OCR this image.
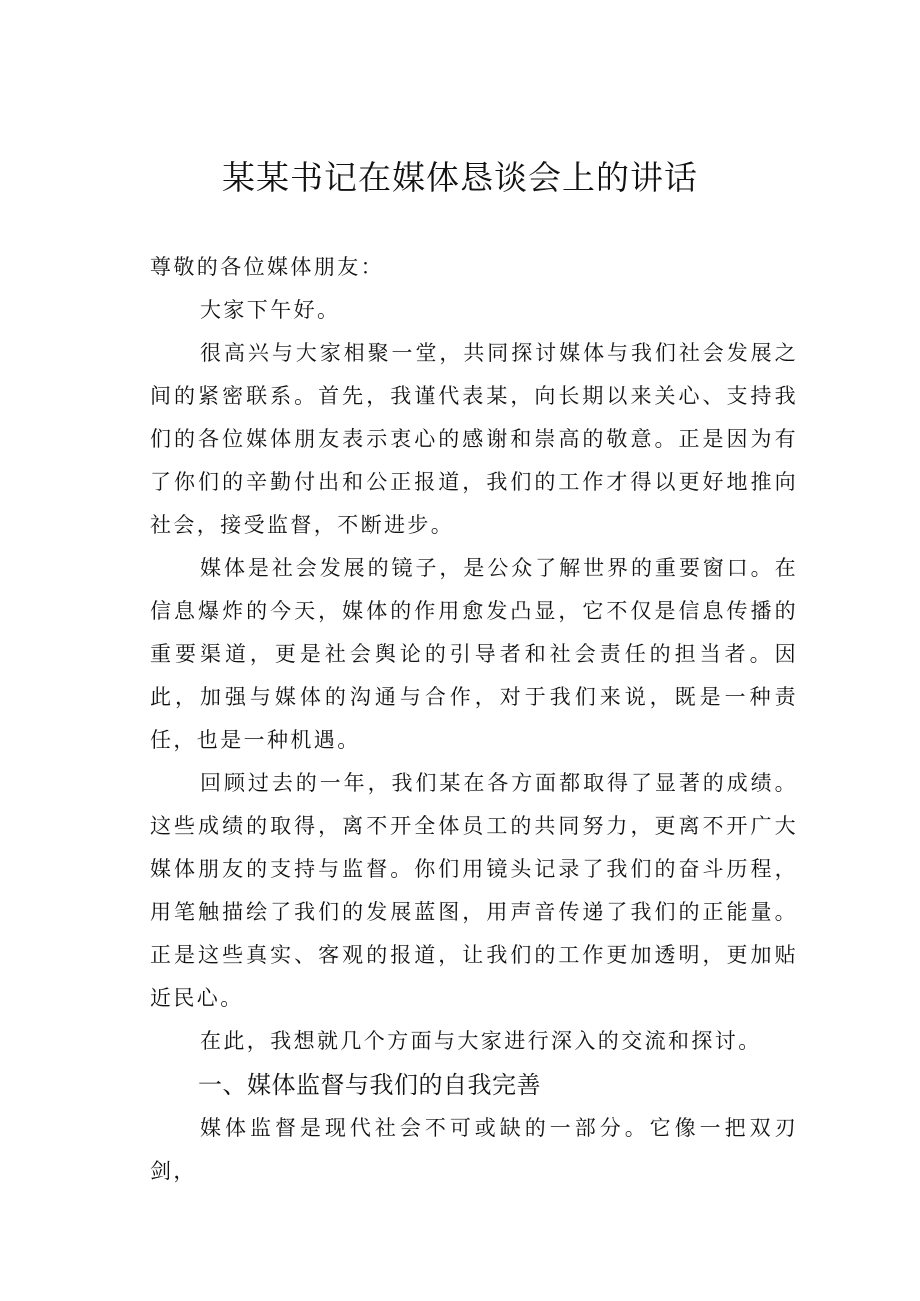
某某书记在媒体恳谈会上的讲话

尊敬的各位媒体朋友：

大家下午好。

很高兴与大家相聚一堂，共同探讨媒体与我们社会发展之间的紧密联系。首先，我谨代表某，向长期以来关心、支持我们的各位媒体朋友表示衷心的感谢和崇高的敬意。正是因为有了你们的辛勤付出和公正报道，我们的工作才得以更好地推向社会，接受监督，不断进步。

媒体是社会发展的镜子，是公众了解世界的重要窗口。在信息爆炸的今天，媒体的作用愈发凸显，它不仅是信息传播的重要渠道，更是社会舆论的引导者和社会责任的担当者。因此，加强与媒体的沟通与合作，对于我们来说，既是一种责任，也是一种机遇。

回顾过去的一年，我们某在各方面都取得了显著的成绩。这些成绩的取得，离不开全体员工的共同努力，更离不开广大媒体朋友的支持与监督。你们用镜头记录了我们的奋斗历程，用笔触描绘了我们的发展蓝图，用声音传递了我们的正能量。正是这些真实、客观的报道，让我们的工作更加透明，更加贴近民心。

在此，我想就几个方面与大家进行深入的交流和探讨。

一、媒体监督与我们的自我完善

媒体监督是现代社会不可或缺的一部分。它像一把双刃剑，
